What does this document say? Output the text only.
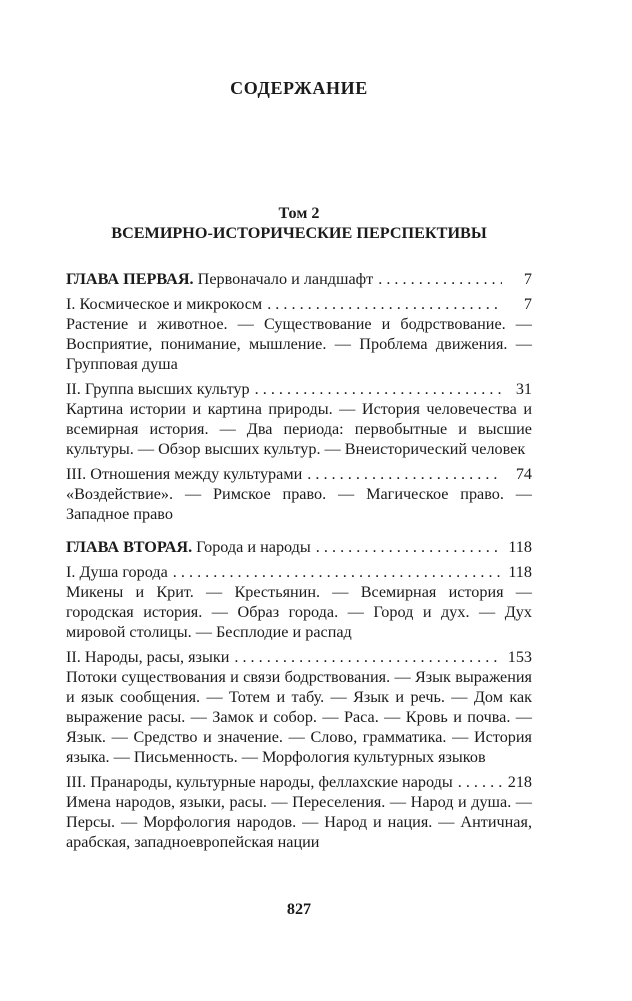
СОДЕРЖАНИЕ
Том 2
ВСЕМИРНО-ИСТОРИЧЕСКИЕ ПЕРСПЕКТИВЫ
ГЛАВА ПЕРВАЯ. Первоначало и ландшафт . . .	7
I. Космическое и микрокосм . . .	7
Растение и животное. — Существование и бодрствование. — Восприятие, понимание, мышление. — Проблема движения. — Групповая душа
II. Группа высших культур . . .	31
Картина истории и картина природы. — История человечества и всемирная история. — Два периода: первобытные и высшие культуры. — Обзор высших культур. — Внеисторический человек
III. Отношения между культурами . . .	74
«Воздействие». — Римское право. — Магическое право. — Западное право
ГЛАВА ВТОРАЯ. Города и народы . . .	118
I. Душа города . . .	118
Микены и Крит. — Крестьянин. — Всемирная история — городская история. — Образ города. — Город и дух. — Дух мировой столицы. — Бесплодие и распад
II. Народы, расы, языки . . .	153
Потоки существования и связи бодрствования. — Язык выражения и язык сообщения. — Тотем и табу. — Язык и речь. — Дом как выражение расы. — Замок и собор. — Раса. — Кровь и почва. — Язык. — Средство и значение. — Слово, грамматика. — История языка. — Письменность. — Морфология культурных языков
III. Пранароды, культурные народы, феллахские народы . . .	218
Имена народов, языки, расы. — Переселения. — Народ и душа. — Персы. — Морфология народов. — Народ и нация. — Античная, арабская, западноевропейская нации
827
